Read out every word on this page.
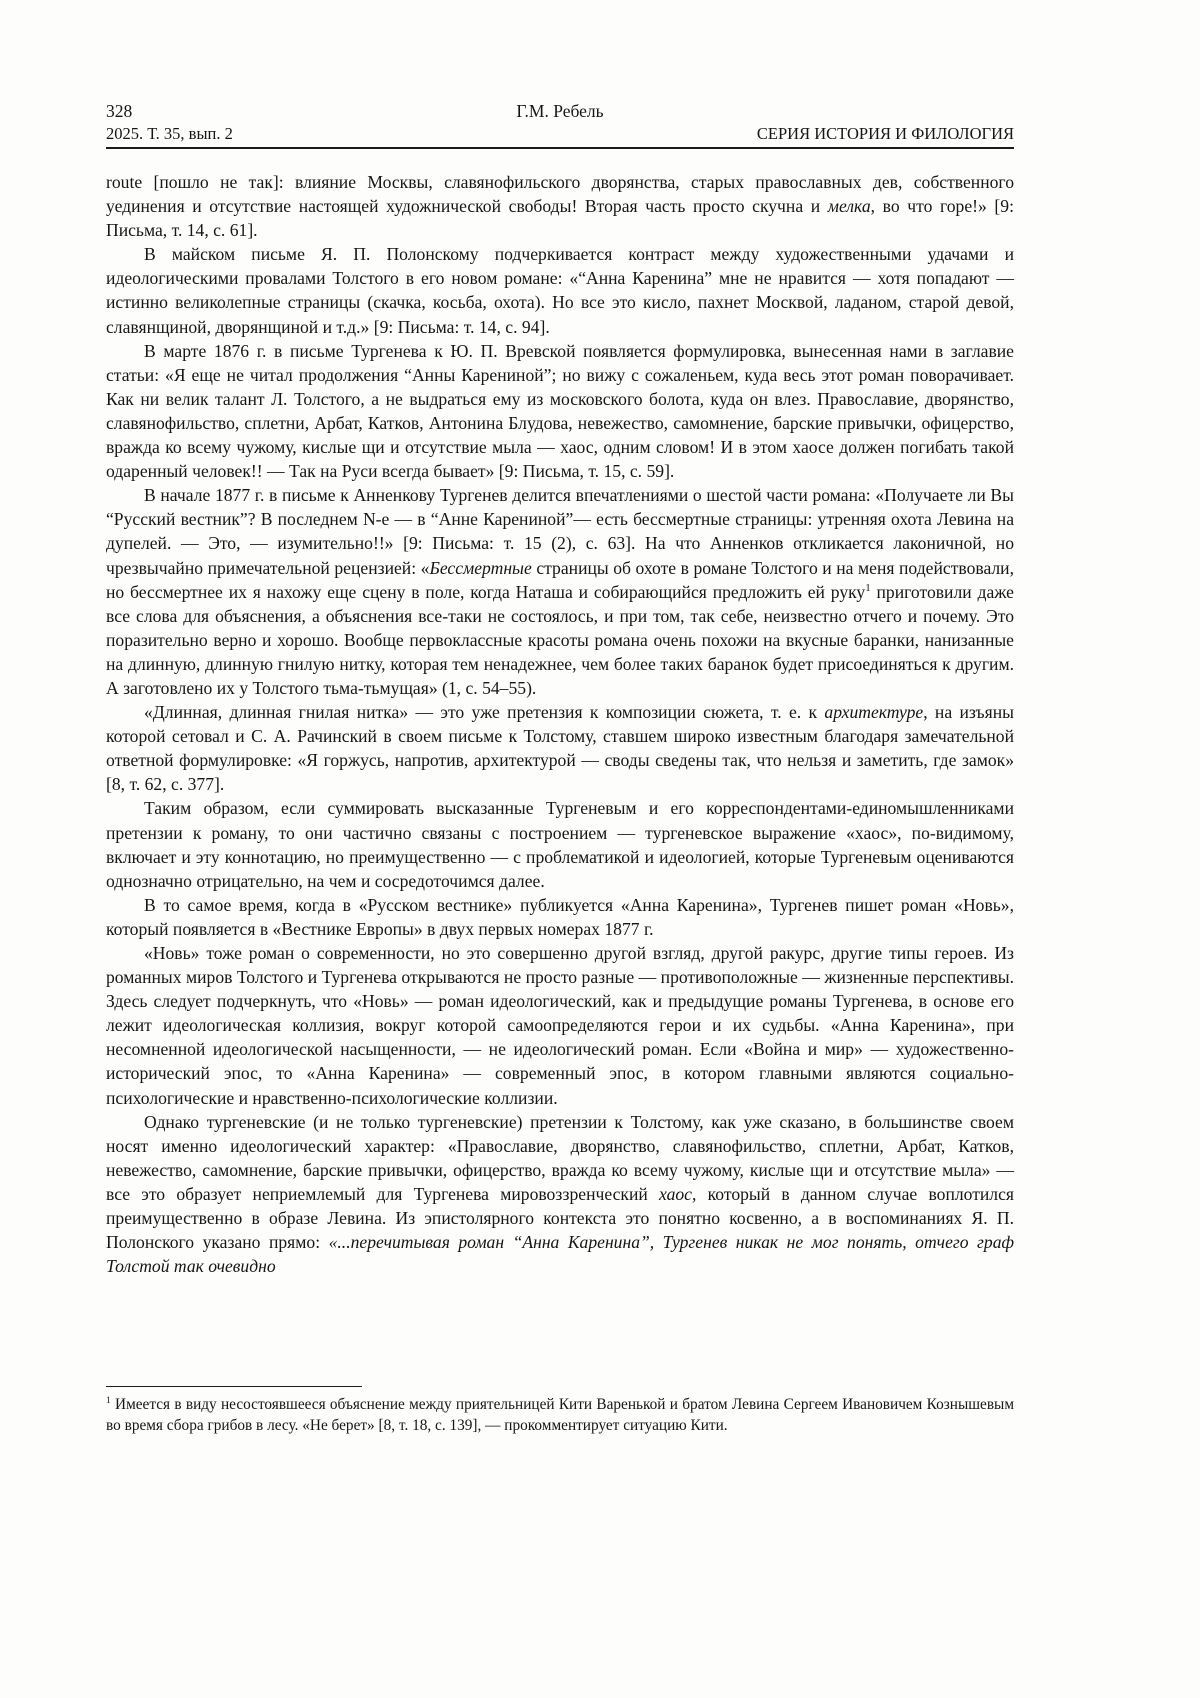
328	Г.М. Ребель
2025. Т. 35, вып. 2	СЕРИЯ ИСТОРИЯ И ФИЛОЛОГИЯ

route [пошло не так]: влияние Москвы, славянофильского дворянства, старых православных дев, собственного уединения и отсутствие настоящей художнической свободы! Вторая часть просто скучна и мелка, во что горе!» [9: Письма, т. 14, с. 61].

В майском письме Я. П. Полонскому подчеркивается контраст между художественными удачами и идеологическими провалами Толстого в его новом романе: «“Анна Каренина” мне не нравится — хотя попадают — истинно великолепные страницы (скачка, косьба, охота). Но все это кисло, пахнет Москвой, ладаном, старой девой, славянщиной, дворянщиной и т.д.» [9: Письма: т. 14, с. 94].

В марте 1876 г. в письме Тургенева к Ю. П. Вревской появляется формулировка, вынесенная нами в заглавие статьи: «Я еще не читал продолжения “Анны Карениной”; но вижу с сожаленьем, куда весь этот роман поворачивает. Как ни велик талант Л. Толстого, а не выдраться ему из московского болота, куда он влез. Православие, дворянство, славянофильство, сплетни, Арбат, Катков, Антонина Блудова, невежество, самомнение, барские привычки, офицерство, вражда ко всему чужому, кислые щи и отсутствие мыла — хаос, одним словом! И в этом хаосе должен погибать такой одаренный человек!! — Так на Руси всегда бывает» [9: Письма, т. 15, с. 59].

В начале 1877 г. в письме к Анненкову Тургенев делится впечатлениями о шестой части романа: «Получаете ли Вы “Русский вестник”? В последнем N-е — в “Анне Карениной”— есть бессмертные страницы: утренняя охота Левина на дупелей. — Это, — изумительно!!» [9: Письма: т. 15 (2), с. 63]. На что Анненков откликается лаконичной, но чрезвычайно примечательной рецензией: «Бессмертные страницы об охоте в романе Толстого и на меня подействовали, но бессмертнее их я нахожу еще сцену в поле, когда Наташа и собирающийся предложить ей руку$^1$ приготовили даже все слова для объяснения, а объяснения все-таки не состоялось, и при том, так себе, неизвестно отчего и почему. Это поразительно верно и хорошо. Вообще первоклассные красоты романа очень похожи на вкусные баранки, нанизанные на длинную, длинную гнилую нитку, которая тем ненадежнее, чем более таких баранок будет присоединяться к другим. А заготовлено их у Толстого тьма-тьмущая» (1, с. 54–55).

«Длинная, длинная гнилая нитка» — это уже претензия к композиции сюжета, т. е. к архитектуре, на изъяны которой сетовал и С. А. Рачинский в своем письме к Толстому, ставшем широко известным благодаря замечательной ответной формулировке: «Я горжусь, напротив, архитектурой — своды сведены так, что нельзя и заметить, где замок» [8, т. 62, с. 377].

Таким образом, если суммировать высказанные Тургеневым и его корреспондентами-единомышленниками претензии к роману, то они частично связаны с построением — тургеневское выражение «хаос», по-видимому, включает и эту коннотацию, но преимущественно — с проблематикой и идеологией, которые Тургеневым оцениваются однозначно отрицательно, на чем и сосредоточимся далее.

В то самое время, когда в «Русском вестнике» публикуется «Анна Каренина», Тургенев пишет роман «Новь», который появляется в «Вестнике Европы» в двух первых номерах 1877 г.

«Новь» тоже роман о современности, но это совершенно другой взгляд, другой ракурс, другие типы героев. Из романных миров Толстого и Тургенева открываются не просто разные — противоположные — жизненные перспективы. Здесь следует подчеркнуть, что «Новь» — роман идеологический, как и предыдущие романы Тургенева, в основе его лежит идеологическая коллизия, вокруг которой самоопределяются герои и их судьбы. «Анна Каренина», при несомненной идеологической насыщенности, — не идеологический роман. Если «Война и мир» — художественно-исторический эпос, то «Анна Каренина» — современный эпос, в котором главными являются социально-психологические и нравственно-психологические коллизии.

Однако тургеневские (и не только тургеневские) претензии к Толстому, как уже сказано, в большинстве своем носят именно идеологический характер: «Православие, дворянство, славянофильство, сплетни, Арбат, Катков, невежество, самомнение, барские привычки, офицерство, вражда ко всему чужому, кислые щи и отсутствие мыла» — все это образует неприемлемый для Тургенева мировоззренческий хаос, который в данном случае воплотился преимущественно в образе Левина. Из эпистолярного контекста это понятно косвенно, а в воспоминаниях Я. П. Полонского указано прямо: «...перечитывая роман “Анна Каренина”, Тургенев никак не мог понять, отчего граф Толстой так очевидно

$^1$ Имеется в виду несостоявшееся объяснение между приятельницей Кити Варенькой и братом Левина Сергеем Ивановичем Кознышевым во время сбора грибов в лесу. «Не берет» [8, т. 18, с. 139], — прокомментирует ситуацию Кити.
